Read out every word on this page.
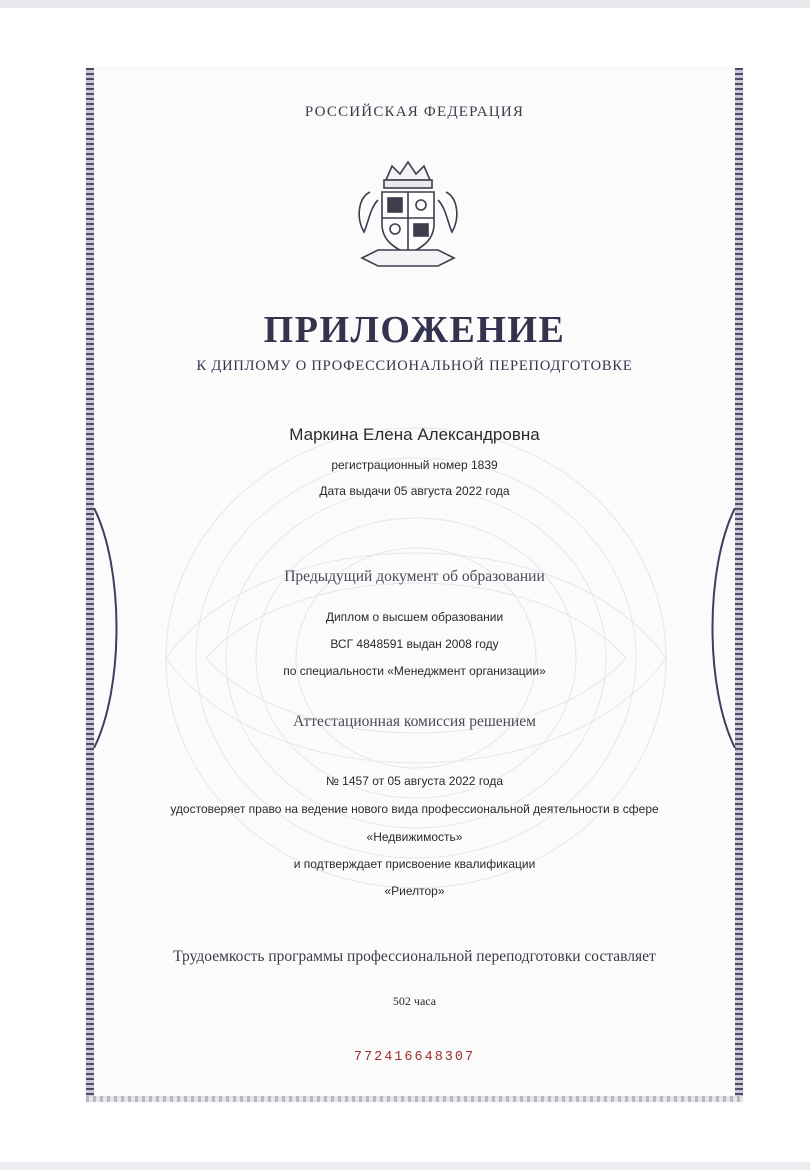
РОССИЙСКАЯ ФЕДЕРАЦИЯ
ПРИЛОЖЕНИЕ
К ДИПЛОМУ О ПРОФЕССИОНАЛЬНОЙ ПЕРЕПОДГОТОВКЕ
Маркина Елена Александровна
регистрационный номер 1839
Дата выдачи 05 августа 2022 года
Предыдущий документ об образовании
Диплом о высшем образовании
ВСГ 4848591 выдан 2008 году
по специальности «Менеджмент организации»
Аттестационная комиссия решением
№ 1457 от 05 августа 2022 года
удостоверяет право на ведение нового вида профессиональной деятельности в сфере
«Недвижимость»
и подтверждает присвоение квалификации
«Риелтор»
Трудоемкость программы профессиональной переподготовки составляет
502 часа
772416648307
